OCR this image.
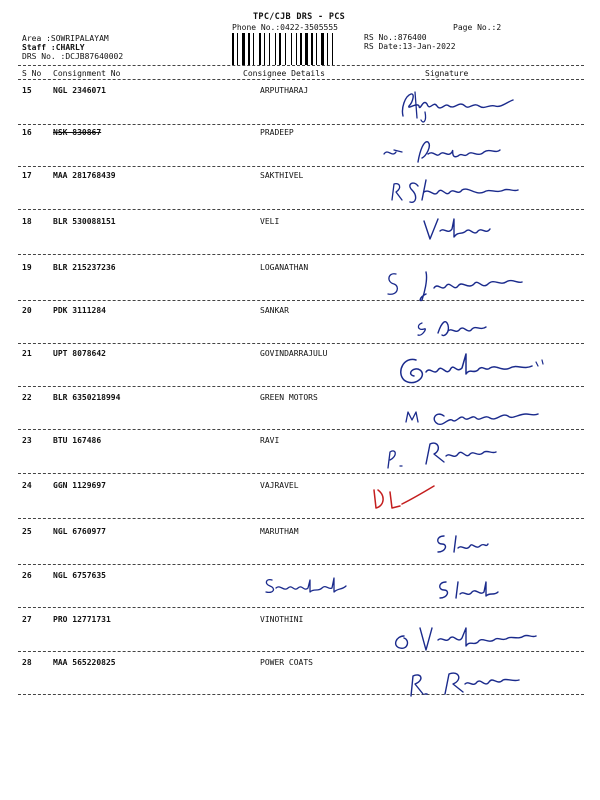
TPC/CJB DRS - PCS
Phone No.:0422-3505555	Page No.:2
Area :SOWRIPALAYAM
Staff :CHARLY
DRS No. :DCJB87640002
RS No.:876400
RS Date:13-Jan-2022
S No Consignment No	Consignee Details	Signature
15	NGL 2346071	ARPUTHARAJ
16	NSK 830867	PRADEEP
17	MAA 281768439	SAKTHIVEL
18	BLR 530088151	VELI
19	BLR 215237236	LOGANATHAN
20	PDK 3111284	SANKAR
21	UPT 8078642	GOVINDARRAJULU
22	BLR 6350218994	GREEN MOTORS
23	BTU 167486	RAVI
24	GGN 1129697	VAJRAVEL
25	NGL 6760977	MARUTHAM
26	NGL 6757635
27	PRO 12771731	VINOTHINI
28	MAA 565220825	POWER COATS
